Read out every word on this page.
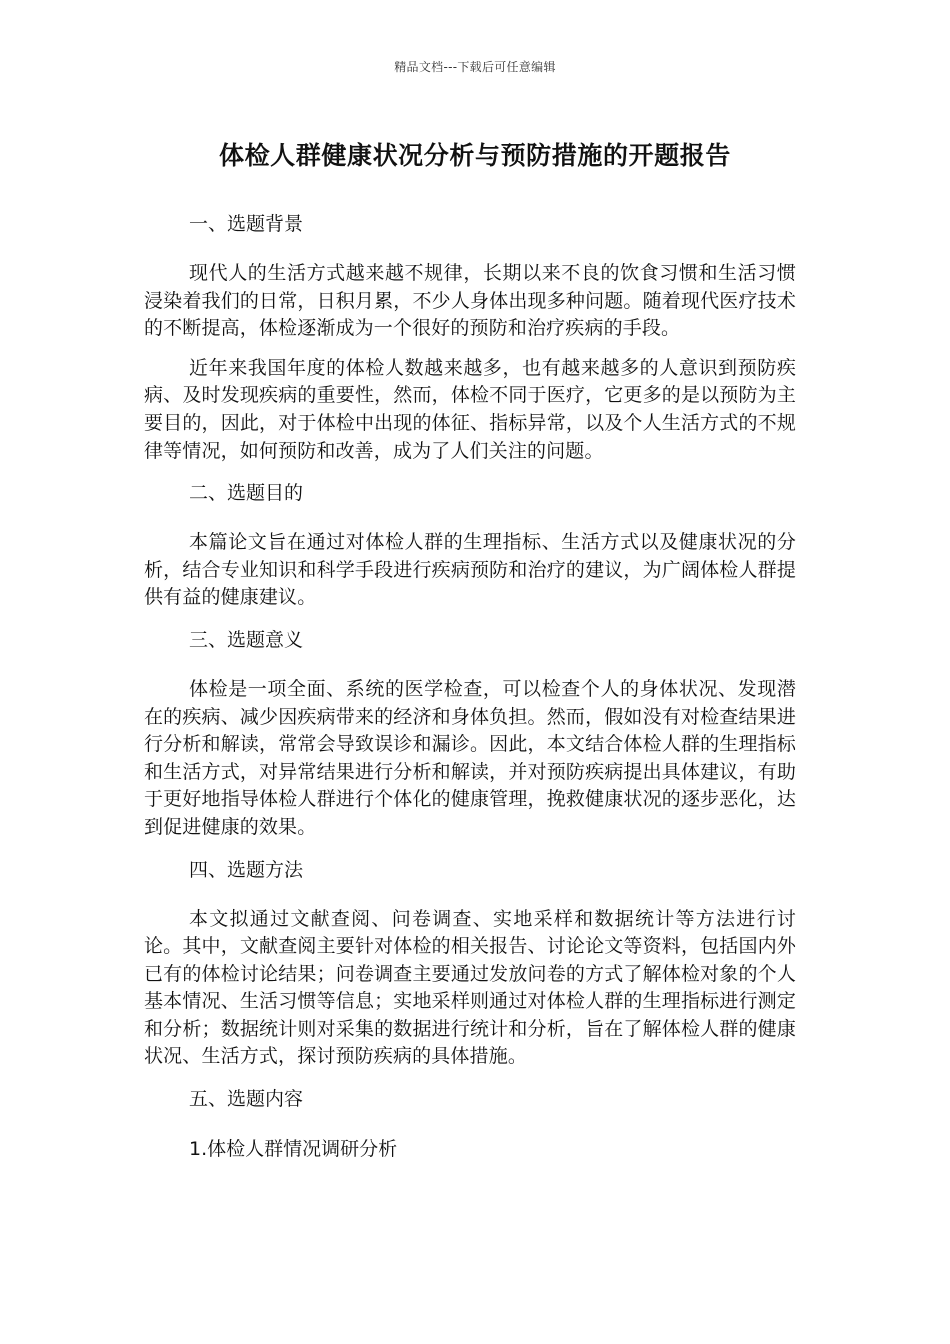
精品文档---下载后可任意编辑
体检人群健康状况分析与预防措施的开题报告
一、选题背景

现代人的生活方式越来越不规律，长期以来不良的饮食习惯和生活习惯浸染着我们的日常，日积月累，不少人身体出现多种问题。随着现代医疗技术的不断提高，体检逐渐成为一个很好的预防和治疗疾病的手段。

近年来我国年度的体检人数越来越多，也有越来越多的人意识到预防疾病、及时发现疾病的重要性，然而，体检不同于医疗，它更多的是以预防为主要目的，因此，对于体检中出现的体征、指标异常，以及个人生活方式的不规律等情况，如何预防和改善，成为了人们关注的问题。

二、选题目的

本篇论文旨在通过对体检人群的生理指标、生活方式以及健康状况的分析，结合专业知识和科学手段进行疾病预防和治疗的建议，为广阔体检人群提供有益的健康建议。

三、选题意义

体检是一项全面、系统的医学检查，可以检查个人的身体状况、发现潜在的疾病、减少因疾病带来的经济和身体负担。然而，假如没有对检查结果进行分析和解读，常常会导致误诊和漏诊。因此，本文结合体检人群的生理指标和生活方式，对异常结果进行分析和解读，并对预防疾病提出具体建议，有助于更好地指导体检人群进行个体化的健康管理，挽救健康状况的逐步恶化，达到促进健康的效果。

四、选题方法

本文拟通过文献查阅、问卷调查、实地采样和数据统计等方法进行讨论。其中，文献查阅主要针对体检的相关报告、讨论论文等资料，包括国内外已有的体检讨论结果；问卷调查主要通过发放问卷的方式了解体检对象的个人基本情况、生活习惯等信息；实地采样则通过对体检人群的生理指标进行测定和分析；数据统计则对采集的数据进行统计和分析，旨在了解体检人群的健康状况、生活方式，探讨预防疾病的具体措施。

五、选题内容
1.体检人群情况调研分析
